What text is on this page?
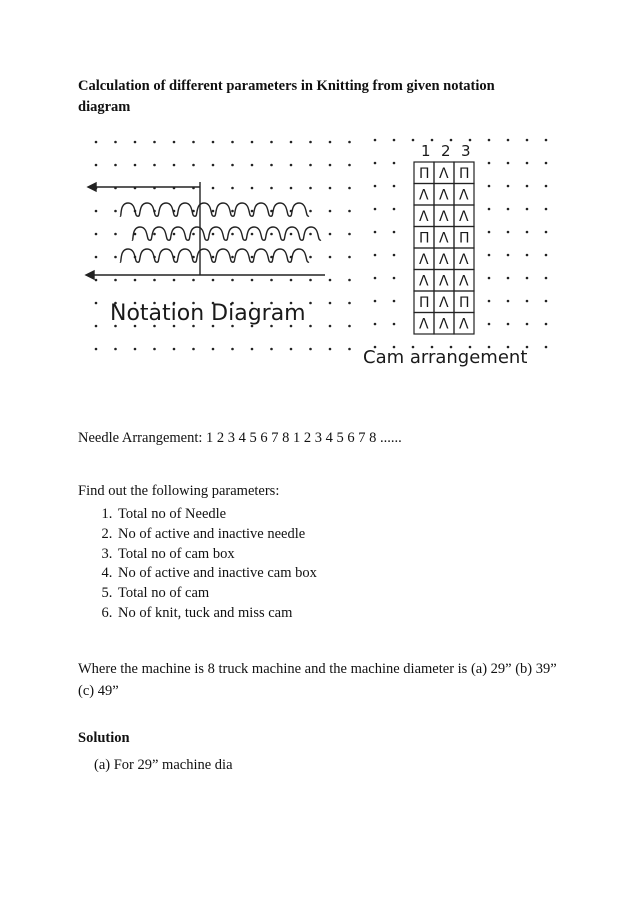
Calculation of different parameters in Knitting from given notation diagram
Notation Diagram
1 2 3
Π Λ Π
Λ Λ Λ
Λ Λ Λ
Π Λ Π
Λ Λ Λ
Λ Λ Λ
Π Λ Π
Λ Λ Λ
Cam arrangement
Needle Arrangement: 1 2 3 4 5 6 7 8 1 2 3 4 5 6 7 8 ......
Find out the following parameters:
1. Total no of Needle
2. No of active and inactive needle
3. Total no of cam box
4. No of active and inactive cam box
5. Total no of cam
6. No of knit, tuck and miss cam
Where the machine is 8 truck machine and the machine diameter is (a) 29” (b) 39” (c) 49”
Solution
(a) For 29” machine dia
